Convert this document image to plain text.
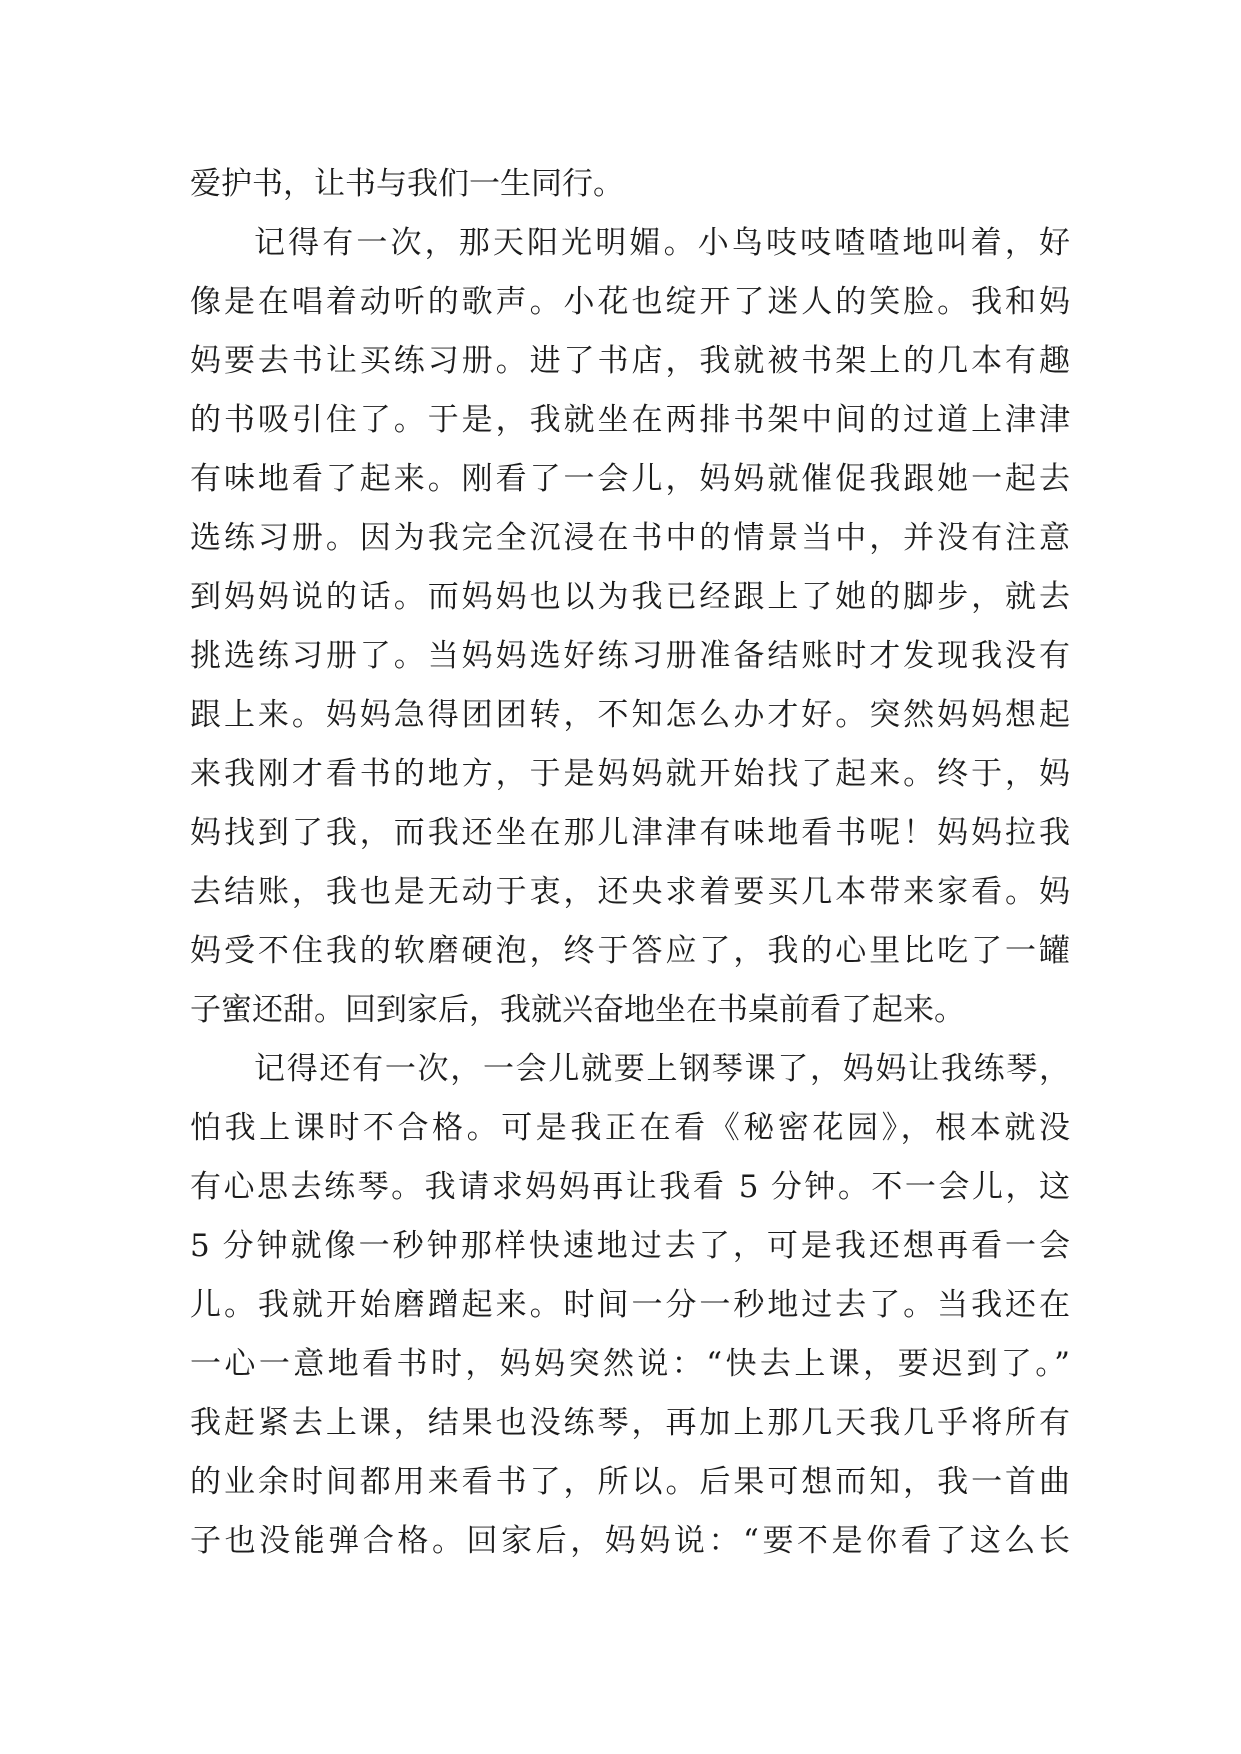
爱护书，让书与我们一生同行。
记得有一次，那天阳光明媚。小鸟吱吱喳喳地叫着，好
像是在唱着动听的歌声。小花也绽开了迷人的笑脸。我和妈
妈要去书让买练习册。进了书店，我就被书架上的几本有趣
的书吸引住了。于是，我就坐在两排书架中间的过道上津津
有味地看了起来。刚看了一会儿，妈妈就催促我跟她一起去
选练习册。因为我完全沉浸在书中的情景当中，并没有注意
到妈妈说的话。而妈妈也以为我已经跟上了她的脚步，就去
挑选练习册了。当妈妈选好练习册准备结账时才发现我没有
跟上来。妈妈急得团团转，不知怎么办才好。突然妈妈想起
来我刚才看书的地方，于是妈妈就开始找了起来。终于，妈
妈找到了我，而我还坐在那儿津津有味地看书呢！妈妈拉我
去结账，我也是无动于衷，还央求着要买几本带来家看。妈
妈受不住我的软磨硬泡，终于答应了，我的心里比吃了一罐
子蜜还甜。回到家后，我就兴奋地坐在书桌前看了起来。
记得还有一次，一会儿就要上钢琴课了，妈妈让我练琴，
怕我上课时不合格。可是我正在看《秘密花园》，根本就没
有心思去练琴。我请求妈妈再让我看 5 分钟。不一会儿，这
5 分钟就像一秒钟那样快速地过去了，可是我还想再看一会
儿。我就开始磨蹭起来。时间一分一秒地过去了。当我还在
一心一意地看书时，妈妈突然说：“快去上课，要迟到了。”
我赶紧去上课，结果也没练琴，再加上那几天我几乎将所有
的业余时间都用来看书了，所以。后果可想而知，我一首曲
子也没能弹合格。回家后，妈妈说：“要不是你看了这么长
